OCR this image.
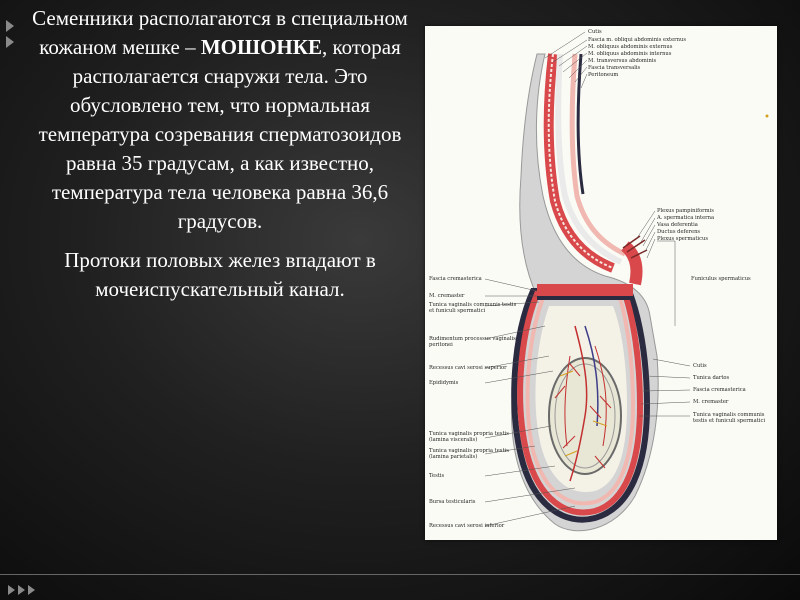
Семенники располагаются в специальном кожаном мешке – МОШОНКЕ, которая располагается снаружи тела. Это обусловлено тем, что нормальная температура созревания сперматозоидов равна 35 градусам, а как известно, температура тела человека равна 36,6 градусов.

Протоки половых желез впадают в мочеиспускательный канал.

Cutis
Fascia m. obliqui abdominis externus
M. obliquus abdominis externus
M. obliquus abdominis internus
M. transversus abdominis
Fascia transversalis
Peritoneum
Plexus pampiniformis
A. spermatica interna
Vasa deferentia
Ductus deferens
Plexus spermaticus
Funiculus spermaticus
Cutis
Tunica dartos
Fascia cremasterica
M. cremaster
Tunica vaginalis communis
testis et funiculi spermatici
Fascia cremasterica
M. cremaster
Tunica vaginalis communis testis
et funiculi spermatici
Rudimentum processus vaginalis
peritonei
Recessus cavi serosi superior
Epididymis
Tunica vaginalis propria testis
(lamina visceralis)
Tunica vaginalis propria testis
(lamina parietalis)
Testis
Bursa testicularis
Recessus cavi serosi inferior
